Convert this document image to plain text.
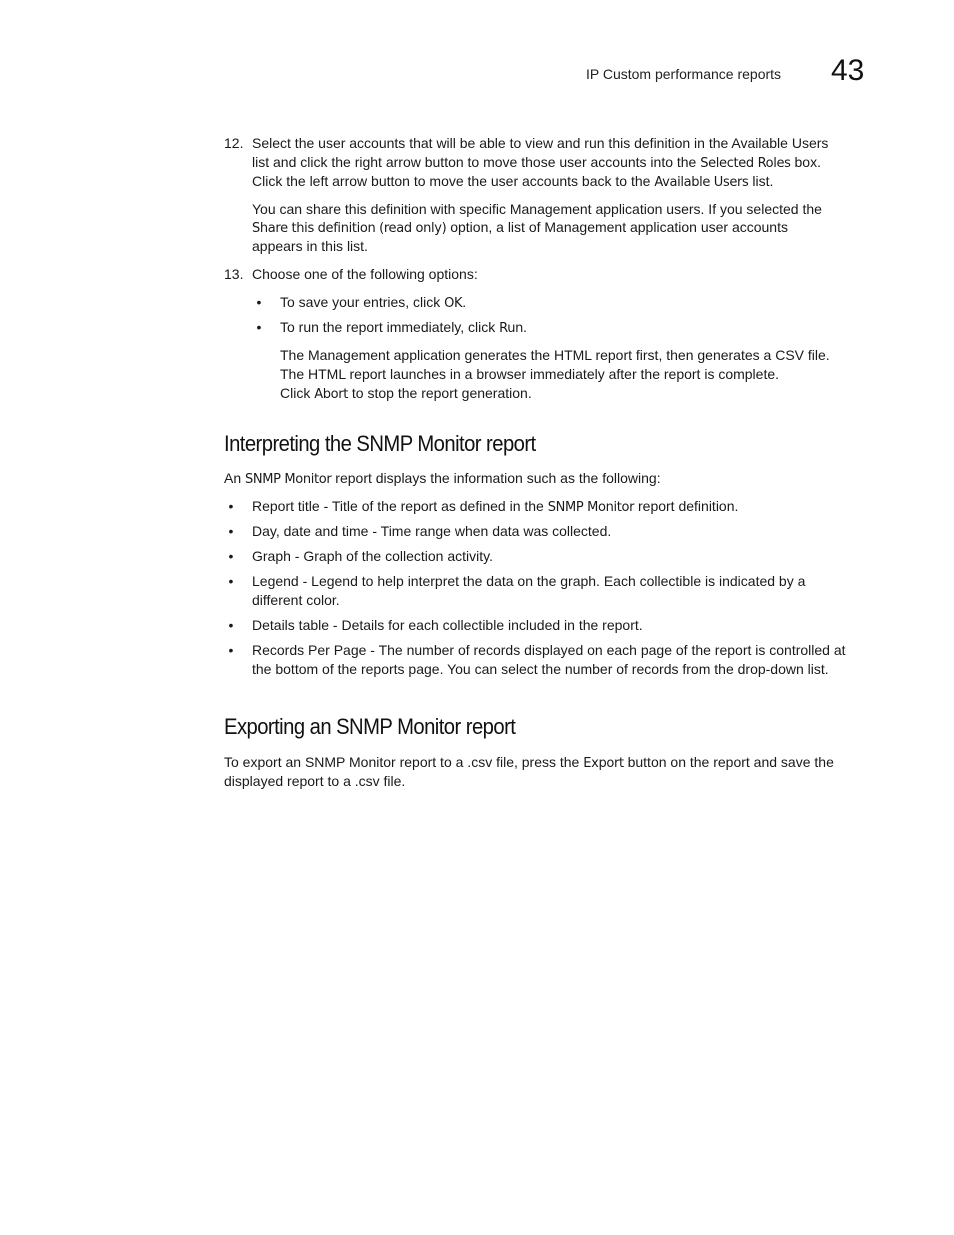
IP Custom performance reports 43
12. Select the user accounts that will be able to view and run this definition in the Available Users
list and click the right arrow button to move those user accounts into the Selected Roles box.
Click the left arrow button to move the user accounts back to the Available Users list.
You can share this definition with specific Management application users. If you selected the
Share this definition (read only) option, a list of Management application user accounts
appears in this list.
13. Choose one of the following options:
• To save your entries, click OK.
• To run the report immediately, click Run.
The Management application generates the HTML report first, then generates a CSV file.
The HTML report launches in a browser immediately after the report is complete.
Click Abort to stop the report generation.
Interpreting the SNMP Monitor report
An SNMP Monitor report displays the information such as the following:
• Report title - Title of the report as defined in the SNMP Monitor report definition.
• Day, date and time - Time range when data was collected.
• Graph - Graph of the collection activity.
• Legend - Legend to help interpret the data on the graph. Each collectible is indicated by a
different color.
• Details table - Details for each collectible included in the report.
• Records Per Page - The number of records displayed on each page of the report is controlled at
the bottom of the reports page. You can select the number of records from the drop-down list.
Exporting an SNMP Monitor report
To export an SNMP Monitor report to a .csv file, press the Export button on the report and save the
displayed report to a .csv file.
